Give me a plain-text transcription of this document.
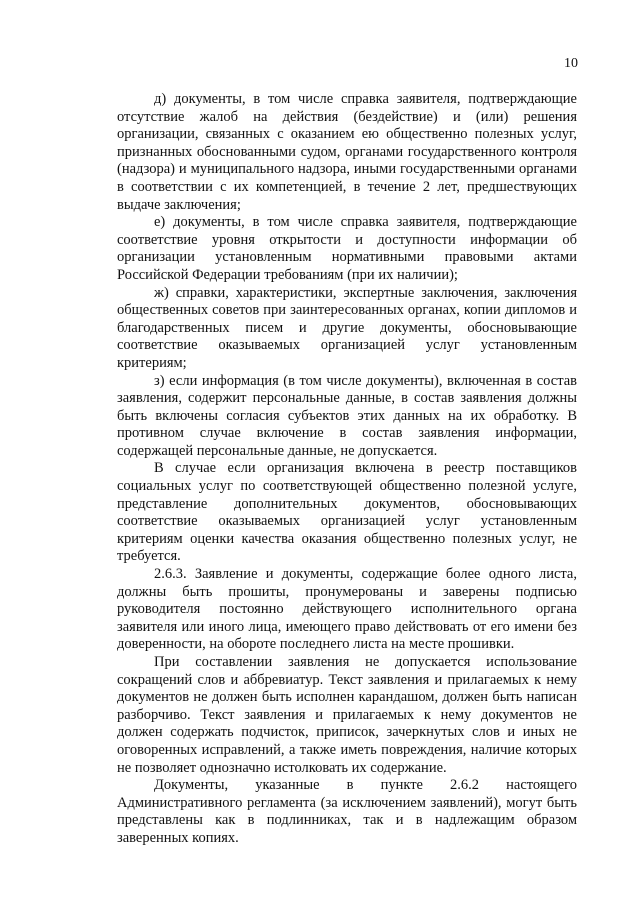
10

д) документы, в том числе справка заявителя, подтверждающие отсутствие жалоб на действия (бездействие) и (или) решения организации, связанных с оказанием ею общественно полезных услуг, признанных обоснованными судом, органами государственного контроля (надзора) и муниципального надзора, иными государственными органами в соответствии с их компетенцией, в течение 2 лет, предшествующих выдаче заключения;

е) документы, в том числе справка заявителя, подтверждающие соответствие уровня открытости и доступности информации об организации установленным нормативными правовыми актами Российской Федерации требованиям (при их наличии);

ж) справки, характеристики, экспертные заключения, заключения общественных советов при заинтересованных органах, копии дипломов и благодарственных писем и другие документы, обосновывающие соответствие оказываемых организацией услуг установленным критериям;

з) если информация (в том числе документы), включенная в состав заявления, содержит персональные данные, в состав заявления должны быть включены согласия субъектов этих данных на их обработку. В противном случае включение в состав заявления информации, содержащей персональные данные, не допускается.

В случае если организация включена в реестр поставщиков социальных услуг по соответствующей общественно полезной услуге, представление дополнительных документов, обосновывающих соответствие оказываемых организацией услуг установленным критериям оценки качества оказания общественно полезных услуг, не требуется.

2.6.3. Заявление и документы, содержащие более одного листа, должны быть прошиты, пронумерованы и заверены подписью руководителя постоянно действующего исполнительного органа заявителя или иного лица, имеющего право действовать от его имени без доверенности, на обороте последнего листа на месте прошивки.

При составлении заявления не допускается использование сокращений слов и аббревиатур. Текст заявления и прилагаемых к нему документов не должен быть исполнен карандашом, должен быть написан разборчиво. Текст заявления и прилагаемых к нему документов не должен содержать подчисток, приписок, зачеркнутых слов и иных не оговоренных исправлений, а также иметь повреждения, наличие которых не позволяет однозначно истолковать их содержание.

Документы, указанные в пункте 2.6.2 настоящего Административного регламента (за исключением заявлений), могут быть представлены как в подлинниках, так и в надлежащим образом заверенных копиях.
